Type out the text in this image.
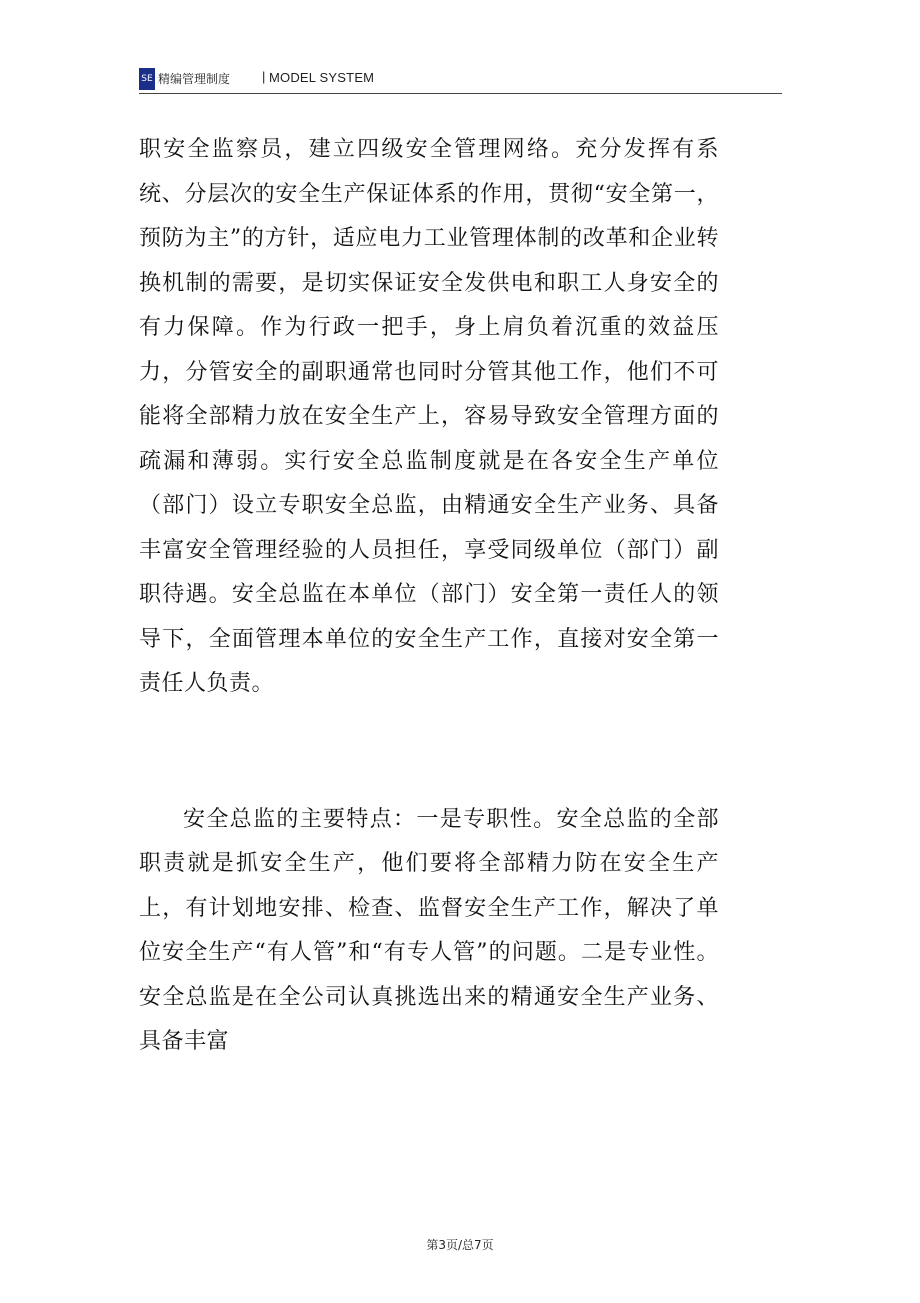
SE 精编管理制度 | MODEL SYSTEM

职安全监察员，建立四级安全管理网络。充分发挥有系统、分层次的安全生产保证体系的作用，贯彻“安全第一，预防为主”的方针，适应电力工业管理体制的改革和企业转换机制的需要，是切实保证安全发供电和职工人身安全的有力保障。作为行政一把手，身上肩负着沉重的效益压力，分管安全的副职通常也同时分管其他工作，他们不可能将全部精力放在安全生产上，容易导致安全管理方面的疏漏和薄弱。实行安全总监制度就是在各安全生产单位（部门）设立专职安全总监，由精通安全生产业务、具备丰富安全管理经验的人员担任，享受同级单位（部门）副职待遇。安全总监在本单位（部门）安全第一责任人的领导下，全面管理本单位的安全生产工作，直接对安全第一责任人负责。

安全总监的主要特点：一是专职性。安全总监的全部职责就是抓安全生产，他们要将全部精力防在安全生产上，有计划地安排、检查、监督安全生产工作，解决了单位安全生产“有人管”和“有专人管”的问题。二是专业性。安全总监是在全公司认真挑选出来的精通安全生产业务、具备丰富

第3页/总7页
